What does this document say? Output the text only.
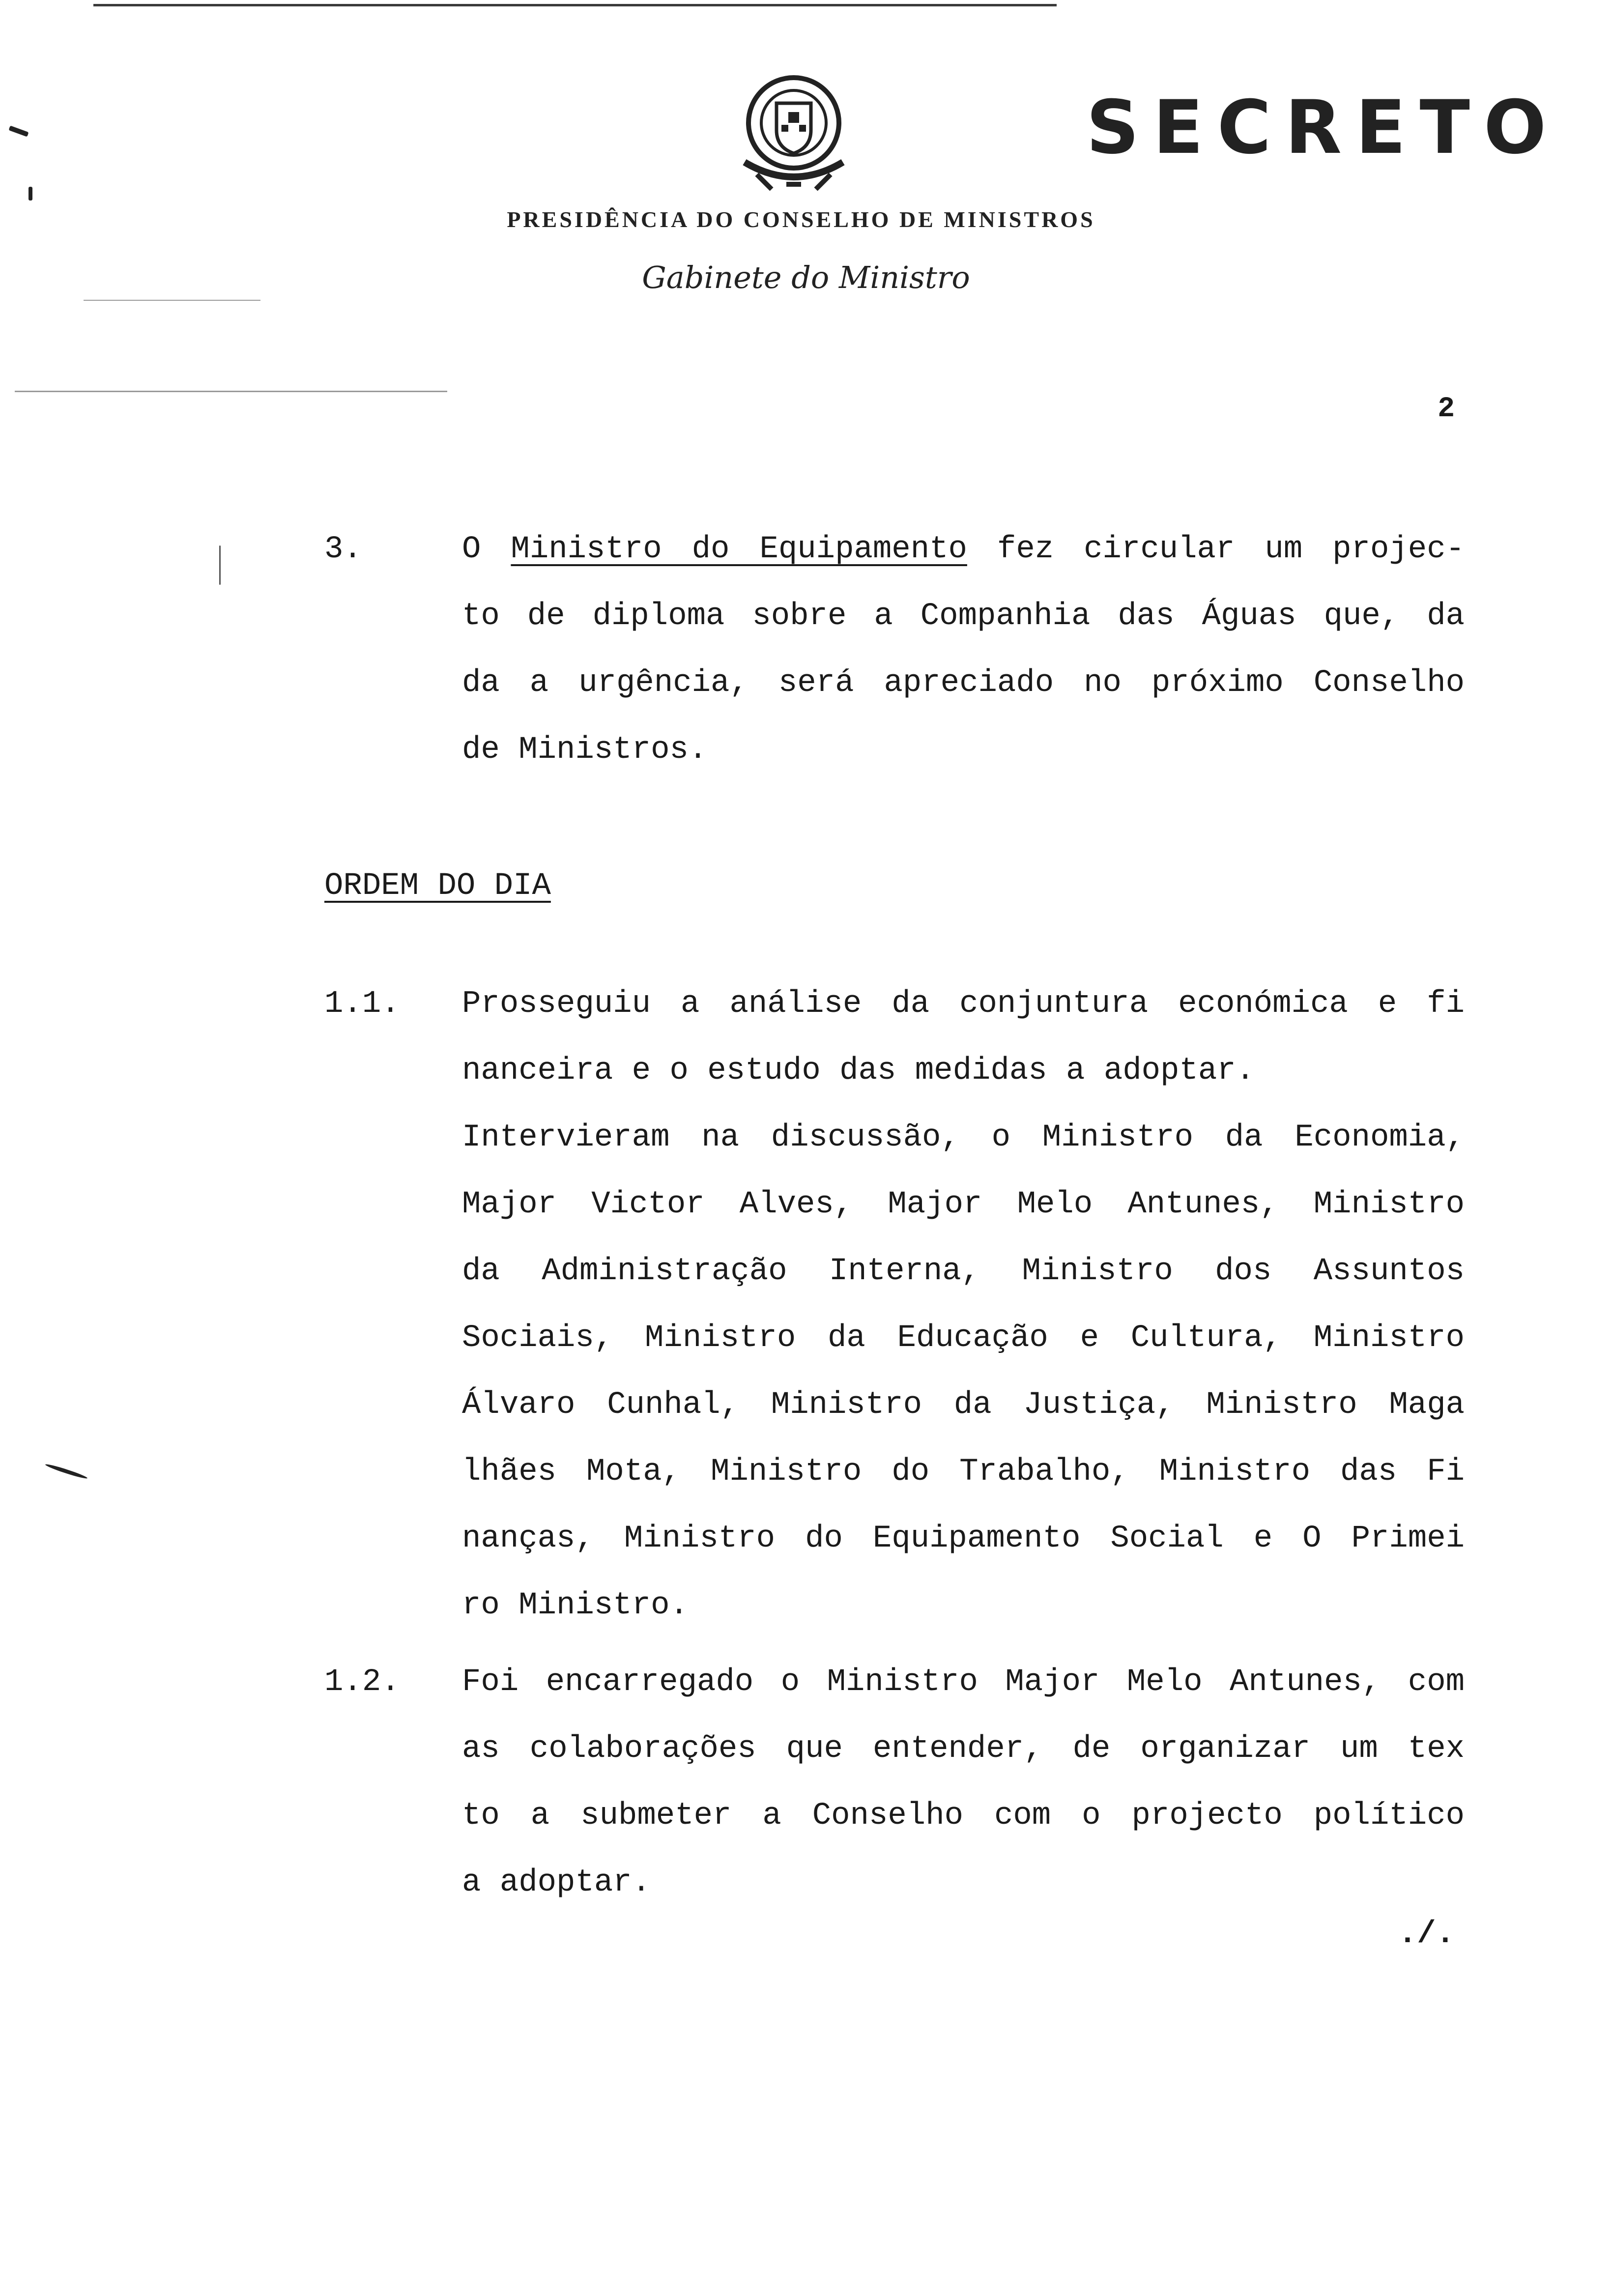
SECRETO
PRESIDÊNCIA DO CONSELHO DE MINISTROS
Gabinete do Ministro
2
3.	O Ministro do Equipamento fez circular um projec-
to de diploma sobre a Companhia das Águas que, da
da a urgência, será apreciado no próximo Conselho
de Ministros.
ORDEM DO DIA
1.1. Prosseguiu a análise da conjuntura económica e fi
nanceira e o estudo das medidas a adoptar.
Intervieram na discussão, o Ministro da Economia,
Major Victor Alves, Major Melo Antunes, Ministro
da Administração Interna, Ministro dos Assuntos
Sociais, Ministro da Educação e Cultura, Ministro
Álvaro Cunhal, Ministro da Justiça, Ministro Maga
lhães Mota, Ministro do Trabalho, Ministro das Fi
nanças, Ministro do Equipamento Social e O Primei
ro Ministro.
1.2. Foi encarregado o Ministro Major Melo Antunes, com
as colaborações que entender, de organizar um tex
to a submeter a Conselho com o projecto político
a adoptar.
./.
